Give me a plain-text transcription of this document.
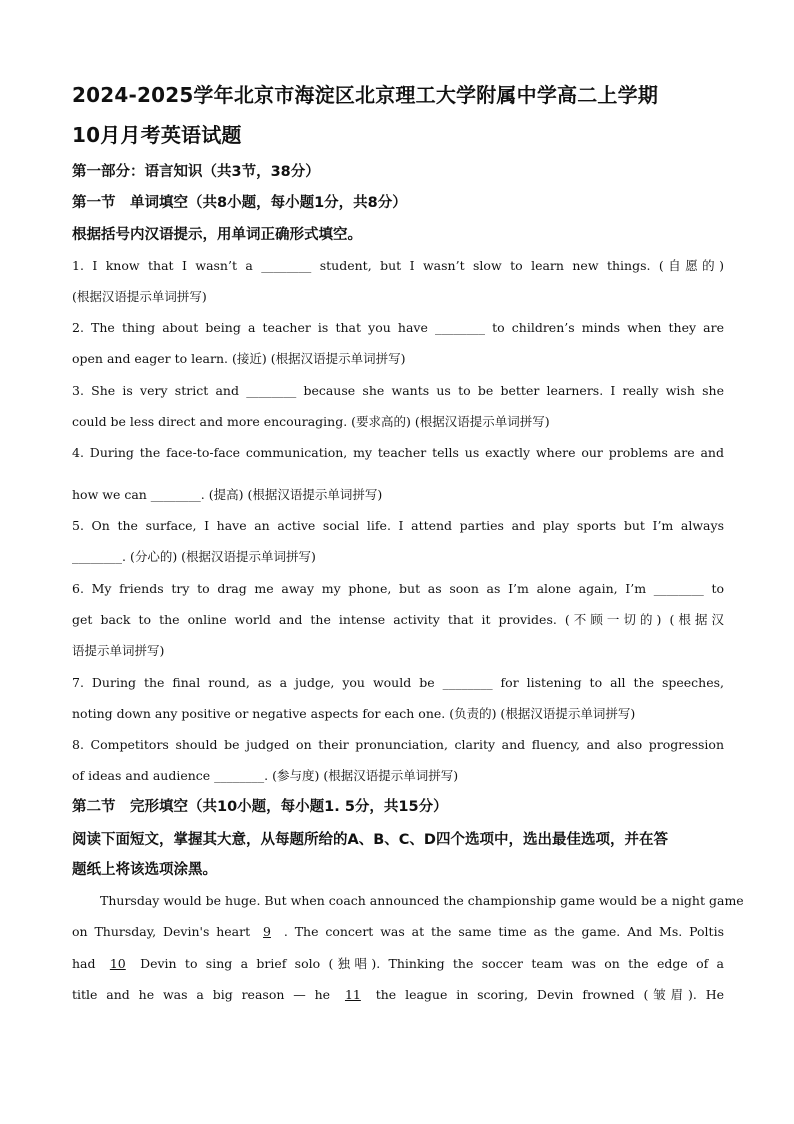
2024-2025学年北京市海淀区北京理工大学附属中学高二上学期
10月月考英语试题
第一部分：语言知识（共3节，38分）
第一节　单词填空（共8小题，每小题1分，共8分）
根据括号内汉语提示，用单词正确形式填空。
1. I know that I wasn’t a ________ student, but I wasn’t slow to learn new things. (自愿的)
(根据汉语提示单词拼写)
2. The thing about being a teacher is that you have ________ to children’s minds when they are
open and eager to learn. (接近) (根据汉语提示单词拼写)
3. She is very strict and ________ because she wants us to be better learners. I really wish she
could be less direct and more encouraging. (要求高的) (根据汉语提示单词拼写)
4. During the face-to-face communication, my teacher tells us exactly where our problems are and
how we can ________. (提高) (根据汉语提示单词拼写)
5. On the surface, I have an active social life. I attend parties and play sports but I’m always
________. (分心的) (根据汉语提示单词拼写)
6. My friends try to drag me away my phone, but as soon as I’m alone again, I’m ________ to
get back to the online world and the intense activity that it provides. (不顾一切的) (根据汉
语提示单词拼写)
7. During the final round, as a judge, you would be ________ for listening to all the speeches,
noting down any positive or negative aspects for each one. (负责的) (根据汉语提示单词拼写)
8. Competitors should be judged on their pronunciation, clarity and fluency, and also progression
of ideas and audience ________. (参与度) (根据汉语提示单词拼写)
第二节　完形填空（共10小题，每小题1. 5分，共15分）
阅读下面短文，掌握其大意，从每题所给的A、B、C、D四个选项中，选出最佳选项，并在答
题纸上将该选项涂黑。
Thursday would be huge. But when coach announced the championship game would be a night game
on Thursday, Devin's heart 9 . The concert was at the same time as the game. And Ms. Poltis
had 10 Devin to sing a brief solo (独唱). Thinking the soccer team was on the edge of a
title and he was a big reason — he 11 the league in scoring, Devin frowned (皱眉). He
